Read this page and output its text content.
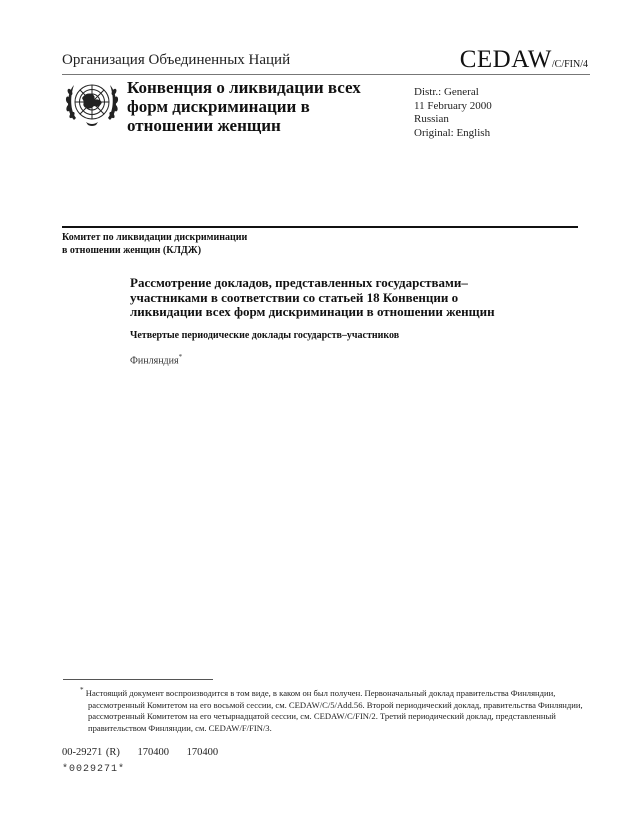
Организация Объединенных Наций	CEDAW/C/FIN/4
Конвенция о ликвидации всех
форм дискриминации в
отношении женщин
Distr.: General
11 February 2000
Russian
Original: English
Комитет по ликвидации дискриминации
в отношении женщин (КЛДЖ)
Рассмотрение докладов, представленных государствами–
участниками в соответствии со статьей 18 Конвенции о
ликвидации всех форм дискриминации в отношении женщин
Четвертые периодические доклады государств–участников
Финляндия*
* Настоящий документ воспроизводится в том виде, в каком он был получен. Первоначальный доклад правительства Финляндии, рассмотренный Комитетом на его восьмой сессии, см. CEDAW/C/5/Add.56. Второй периодический доклад, правительства Финляндии, рассмотренный Комитетом на его четырнадцатой сессии, см. CEDAW/C/FIN/2. Третий периодический доклад, представленный правительством Финляндии, см. CEDAW/F/FIN/3.
00-29271 (R) 170400 170400
*0029271*
